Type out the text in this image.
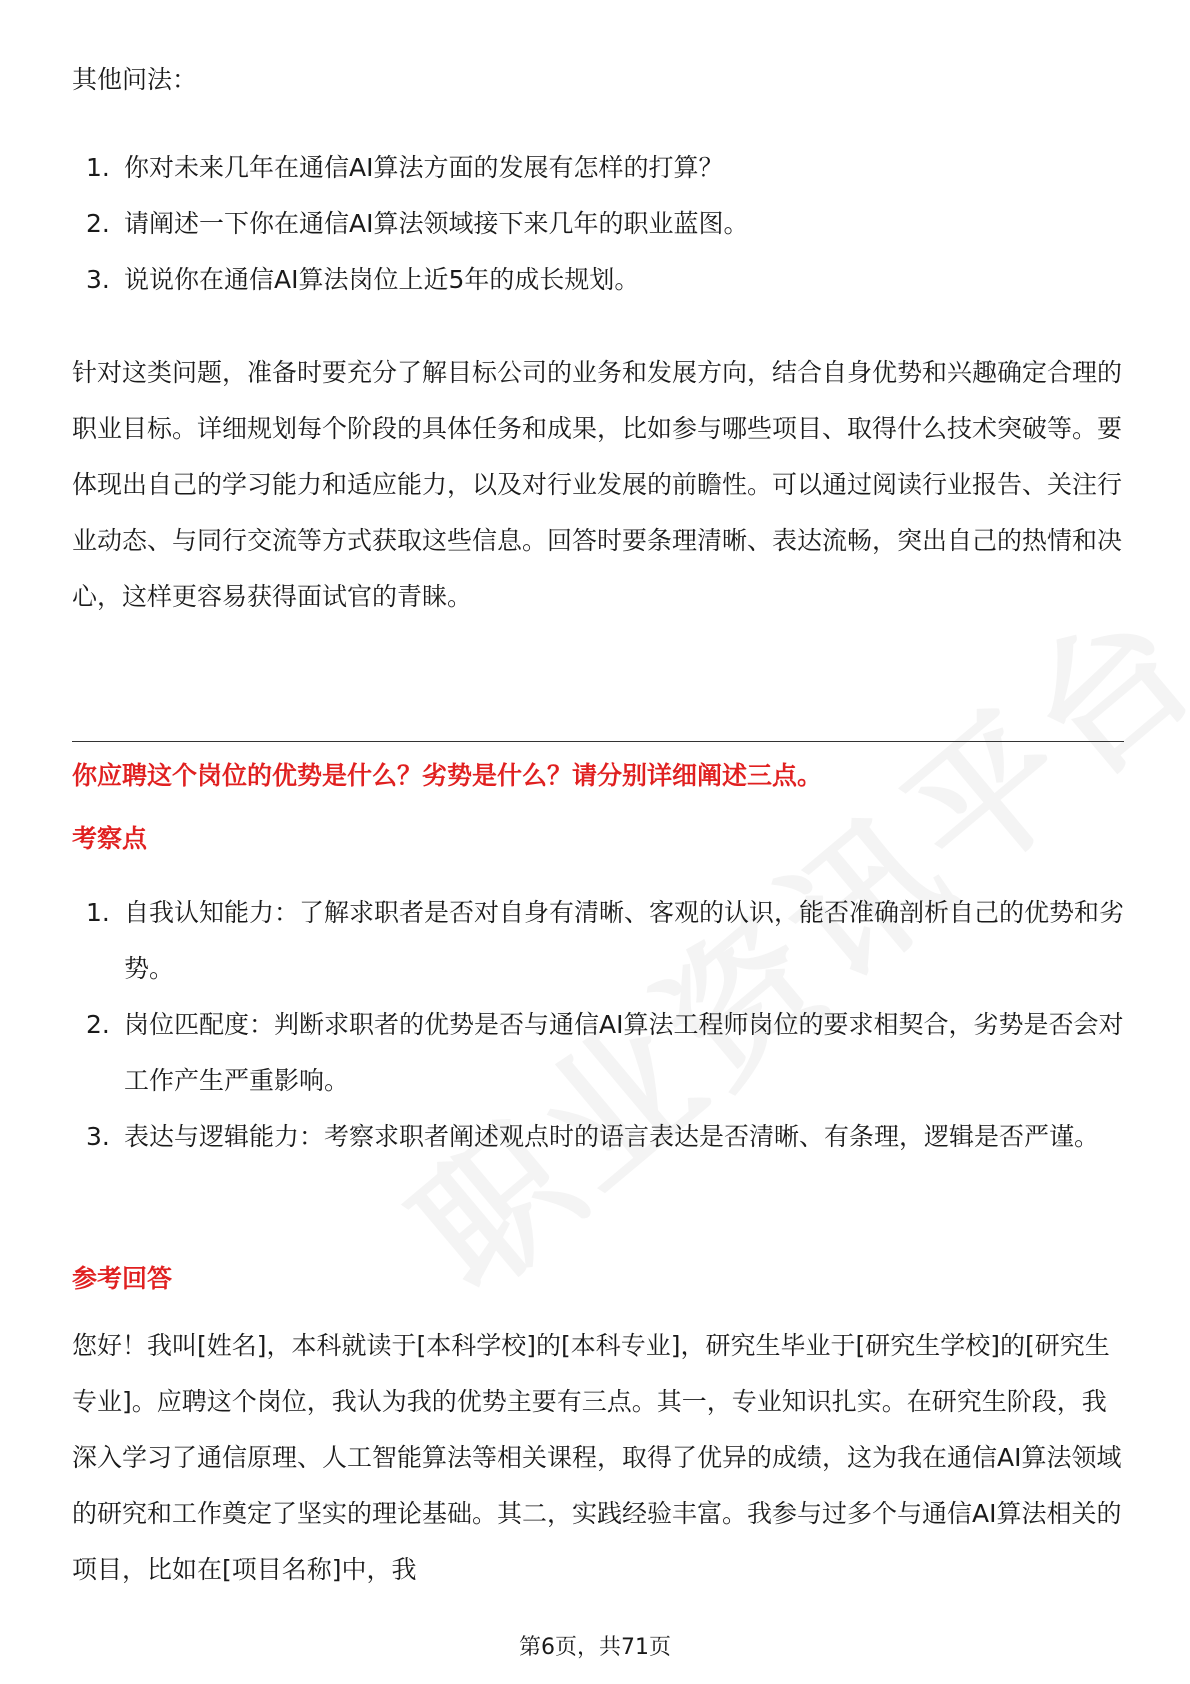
其他问法：

1. 你对未来几年在通信AI算法方面的发展有怎样的打算？
2. 请阐述一下你在通信AI算法领域接下来几年的职业蓝图。
3. 说说你在通信AI算法岗位上近5年的成长规划。

针对这类问题，准备时要充分了解目标公司的业务和发展方向，结合自身优势和兴趣确定合理的职业目标。详细规划每个阶段的具体任务和成果，比如参与哪些项目、取得什么技术突破等。要体现出自己的学习能力和适应能力，以及对行业发展的前瞻性。可以通过阅读行业报告、关注行业动态、与同行交流等方式获取这些信息。回答时要条理清晰、表达流畅，突出自己的热情和决心，这样更容易获得面试官的青睐。

你应聘这个岗位的优势是什么？劣势是什么？请分别详细阐述三点。

考察点

1. 自我认知能力：了解求职者是否对自身有清晰、客观的认识，能否准确剖析自己的优势和劣势。
2. 岗位匹配度：判断求职者的优势是否与通信AI算法工程师岗位的要求相契合，劣势是否会对工作产生严重影响。
3. 表达与逻辑能力：考察求职者阐述观点时的语言表达是否清晰、有条理，逻辑是否严谨。

参考回答

您好！我叫[姓名]，本科就读于[本科学校]的[本科专业]，研究生毕业于[研究生学校]的[研究生专业]。应聘这个岗位，我认为我的优势主要有三点。其一，专业知识扎实。在研究生阶段，我深入学习了通信原理、人工智能算法等相关课程，取得了优异的成绩，这为我在通信AI算法领域的研究和工作奠定了坚实的理论基础。其二，实践经验丰富。我参与过多个与通信AI算法相关的项目，比如在[项目名称]中，我

第6页，共71页
